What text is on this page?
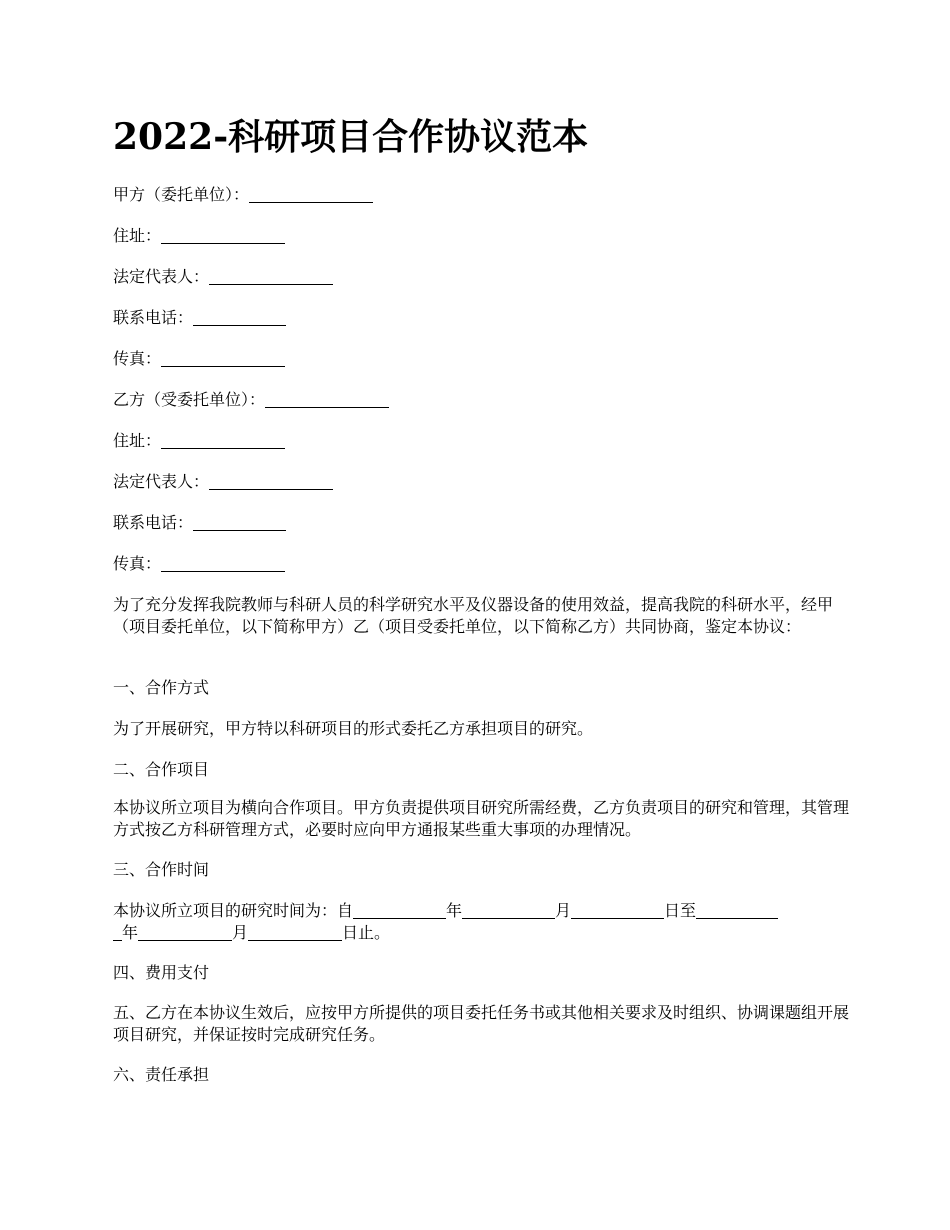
2022-科研项目合作协议范本
甲方（委托单位）：
住址：
法定代表人：
联系电话：
传真：
乙方（受委托单位）：
住址：
法定代表人：
联系电话：
传真：

为了充分发挥我院教师与科研人员的科学研究水平及仪器设备的使用效益，提高我院的科研水平，经甲（项目委托单位，以下简称甲方）乙（项目受委托单位，以下简称乙方）共同协商，鉴定本协议：

一、合作方式

为了开展研究，甲方特以科研项目的形式委托乙方承担项目的研究。

二、合作项目

本协议所立项目为横向合作项目。甲方负责提供项目研究所需经费，乙方负责项目的研究和管理，其管理方式按乙方科研管理方式，必要时应向甲方通报某些重大事项的办理情况。

三、合作时间
本协议所立项目的研究时间为：自	年	月	日至
年	月	日止。
四、费用支付

五、乙方在本协议生效后，应按甲方所提供的项目委托任务书或其他相关要求及时组织、协调课题组开展项目研究，并保证按时完成研究任务。

六、责任承担
